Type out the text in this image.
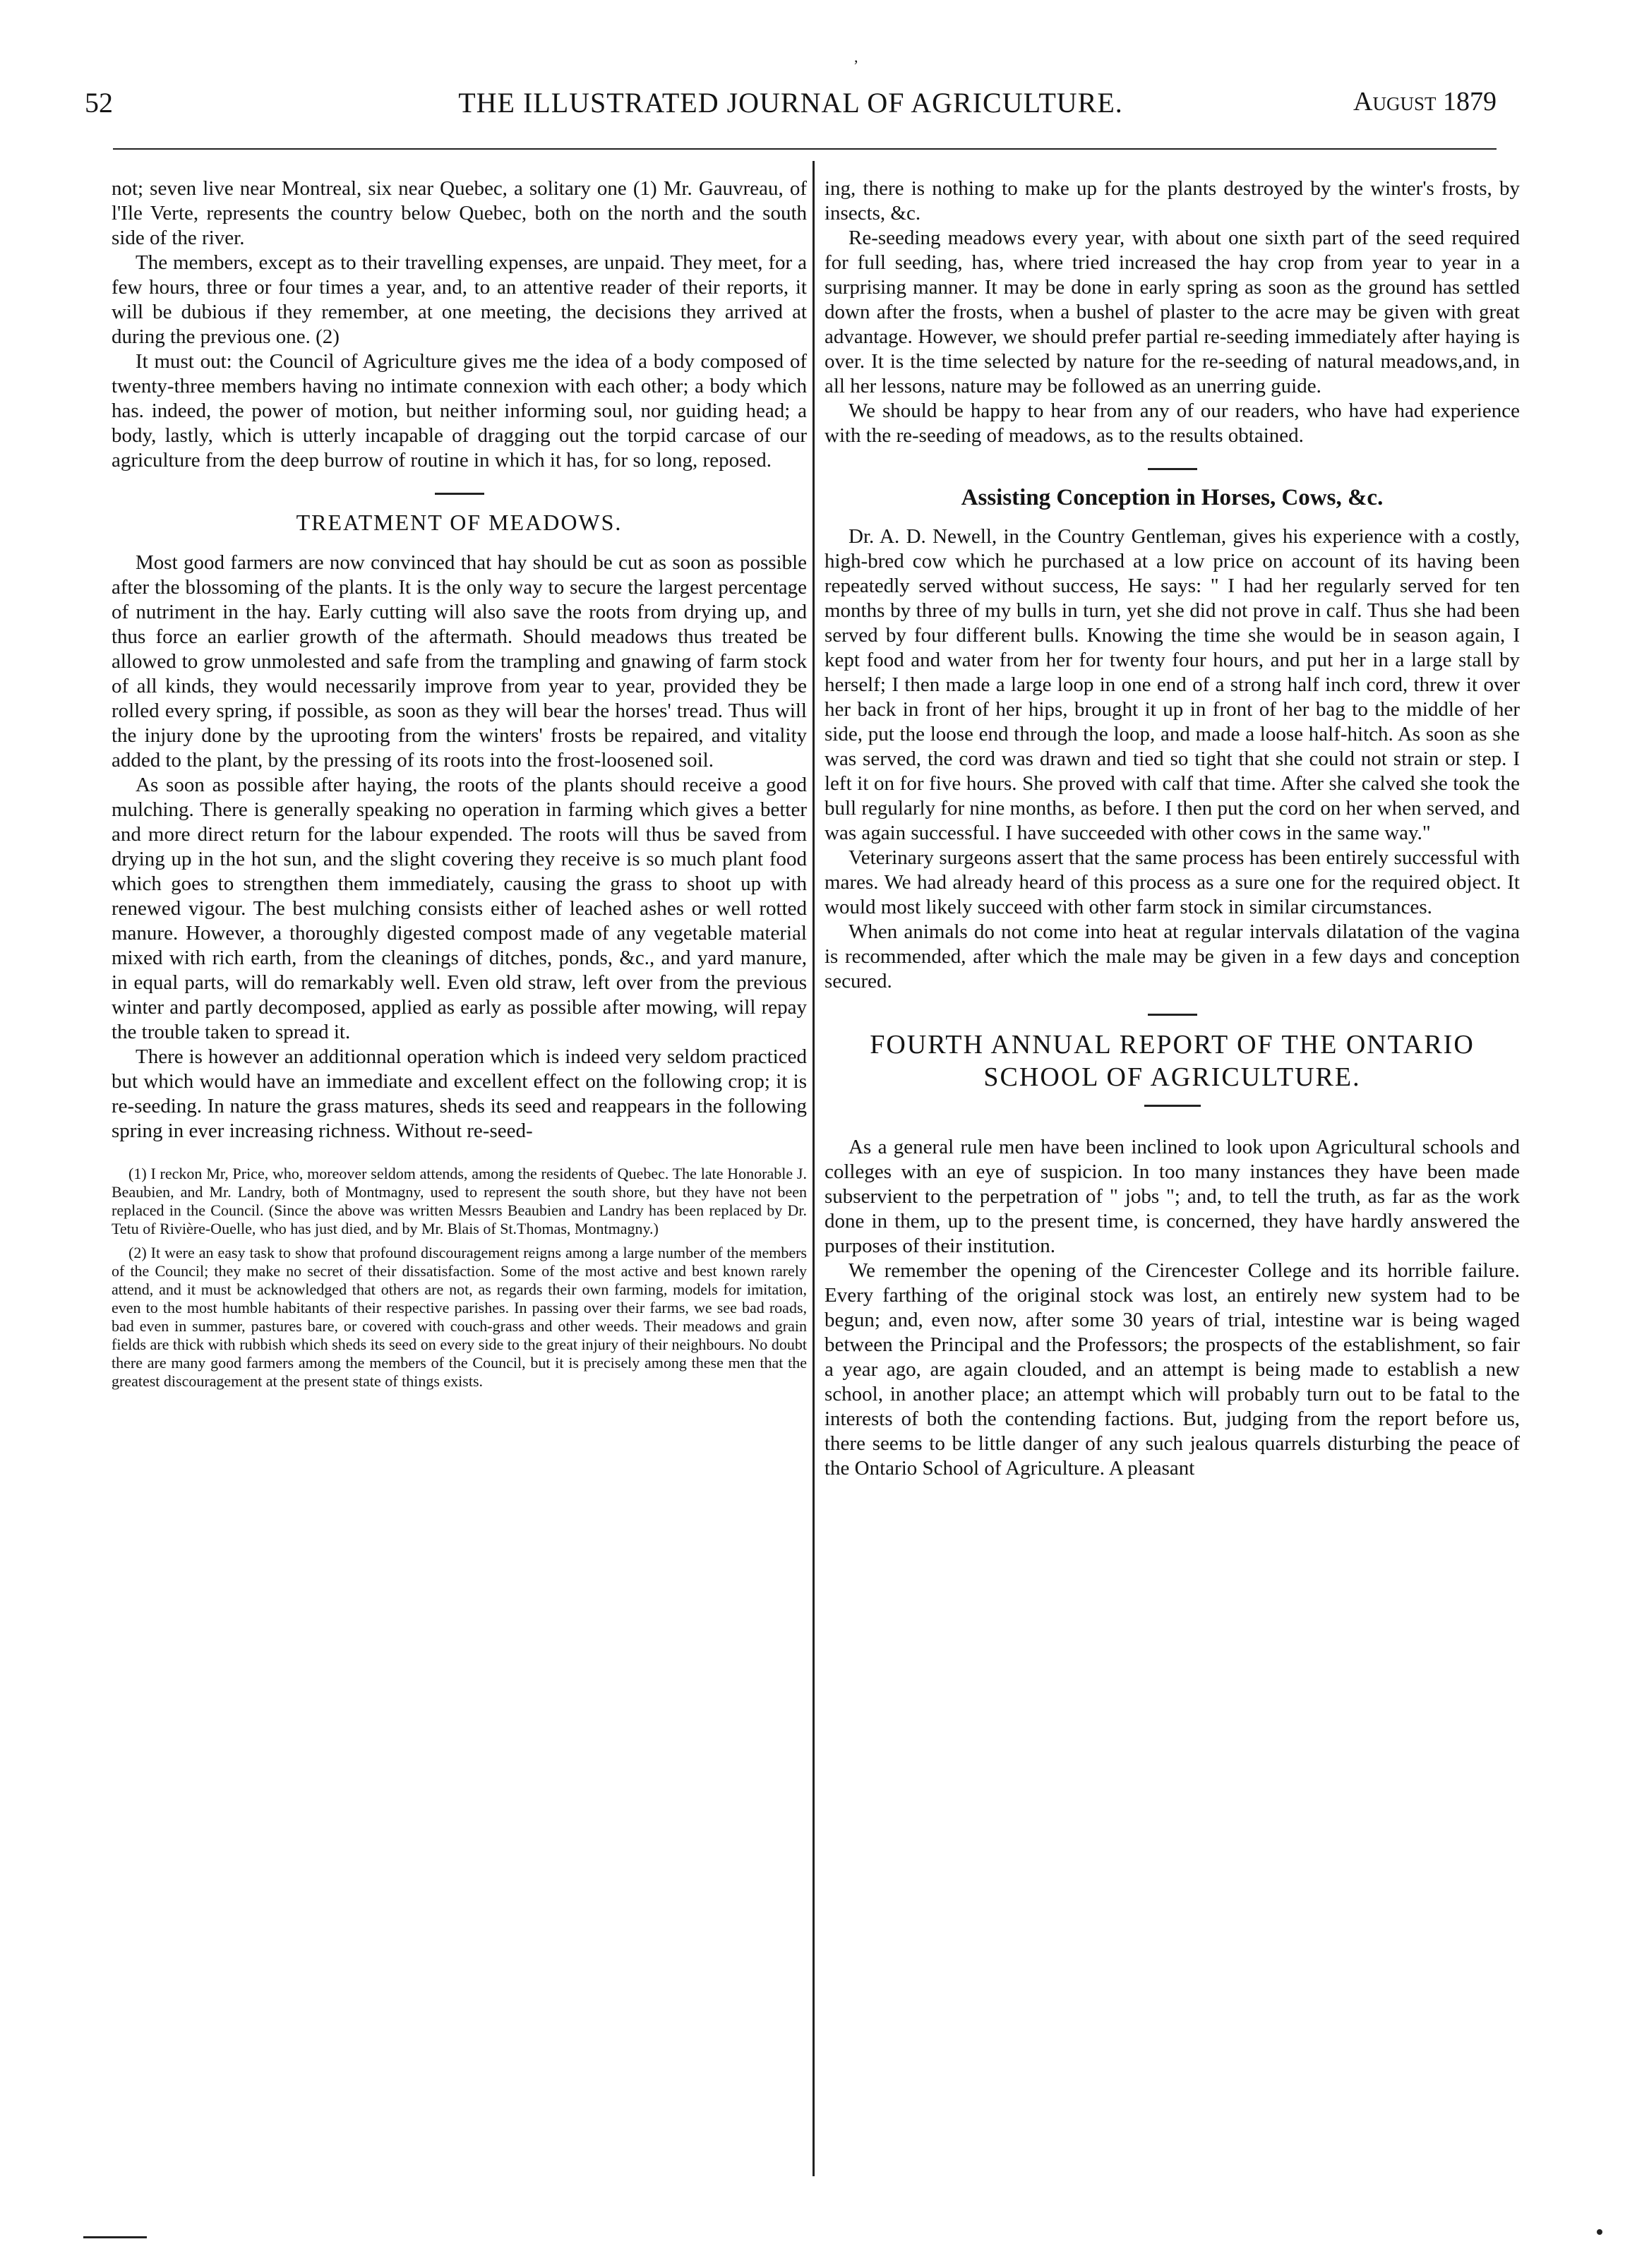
,
52	THE ILLUSTRATED JOURNAL OF AGRICULTURE.	August 1879

not; seven live near Montreal, six near Quebec, a solitary one (1) Mr. Gauvreau, of l'Ile Verte, represents the country below Quebec, both on the north and the south side of the river.

The members, except as to their travelling expenses, are unpaid. They meet, for a few hours, three or four times a year, and, to an attentive reader of their reports, it will be dubious if they remember, at one meeting, the decisions they arrived at during the previous one. (2)

It must out: the Council of Agriculture gives me the idea of a body composed of twenty-three members having no intimate connexion with each other; a body which has. indeed, the power of motion, but neither informing soul, nor guiding head; a body, lastly, which is utterly incapable of dragging out the torpid carcase of our agriculture from the deep burrow of routine in which it has, for so long, reposed.

TREATMENT OF MEADOWS.

Most good farmers are now convinced that hay should be cut as soon as possible after the blossoming of the plants. It is the only way to secure the largest percentage of nutriment in the hay. Early cutting will also save the roots from drying up, and thus force an earlier growth of the aftermath. Should meadows thus treated be allowed to grow unmolested and safe from the trampling and gnawing of farm stock of all kinds, they would necessarily improve from year to year, provided they be rolled every spring, if possible, as soon as they will bear the horses' tread. Thus will the injury done by the uprooting from the winters' frosts be repaired, and vitality added to the plant, by the pressing of its roots into the frost-loosened soil.

As soon as possible after haying, the roots of the plants should receive a good mulching. There is generally speaking no operation in farming which gives a better and more direct return for the labour expended. The roots will thus be saved from drying up in the hot sun, and the slight covering they receive is so much plant food which goes to strengthen them immediately, causing the grass to shoot up with renewed vigour. The best mulching consists either of leached ashes or well rotted manure. However, a thoroughly digested compost made of any vegetable material mixed with rich earth, from the cleanings of ditches, ponds, &c., and yard manure, in equal parts, will do remarkably well. Even old straw, left over from the previous winter and partly decomposed, applied as early as possible after mowing, will repay the trouble taken to spread it.

There is however an additionnal operation which is indeed very seldom practiced but which would have an immediate and excellent effect on the following crop; it is re-seeding. In nature the grass matures, sheds its seed and reappears in the following spring in ever increasing richness. Without re-seed-

(1) I reckon Mr, Price, who, moreover seldom attends, among the residents of Quebec. The late Honorable J. Beaubien, and Mr. Landry, both of Montmagny, used to represent the south shore, but they have not been replaced in the Council. (Since the above was written Messrs Beaubien and Landry has been replaced by Dr. Tetu of Rivière-Ouelle, who has just died, and by Mr. Blais of St.Thomas, Montmagny.)

(2) It were an easy task to show that profound discouragement reigns among a large number of the members of the Council; they make no secret of their dissatisfaction. Some of the most active and best known rarely attend, and it must be acknowledged that others are not, as regards their own farming, models for imitation, even to the most humble habitants of their respective parishes. In passing over their farms, we see bad roads, bad even in summer, pastures bare, or covered with couch-grass and other weeds. Their meadows and grain fields are thick with rubbish which sheds its seed on every side to the great injury of their neighbours. No doubt there are many good farmers among the members of the Council, but it is precisely among these men that the greatest discouragement at the present state of things exists.

ing, there is nothing to make up for the plants destroyed by the winter's frosts, by insects, &c.

Re-seeding meadows every year, with about one sixth part of the seed required for full seeding, has, where tried increased the hay crop from year to year in a surprising manner. It may be done in early spring as soon as the ground has settled down after the frosts, when a bushel of plaster to the acre may be given with great advantage. However, we should prefer partial re-seeding immediately after haying is over. It is the time selected by nature for the re-seeding of natural meadows,and, in all her lessons, nature may be followed as an unerring guide.

We should be happy to hear from any of our readers, who have had experience with the re-seeding of meadows, as to the results obtained.

Assisting Conception in Horses, Cows, &c.

Dr. A. D. Newell, in the Country Gentleman, gives his experience with a costly, high-bred cow which he purchased at a low price on account of its having been repeatedly served without success, He says: " I had her regularly served for ten months by three of my bulls in turn, yet she did not prove in calf. Thus she had been served by four different bulls. Knowing the time she would be in season again, I kept food and water from her for twenty four hours, and put her in a large stall by herself; I then made a large loop in one end of a strong half inch cord, threw it over her back in front of her hips, brought it up in front of her bag to the middle of her side, put the loose end through the loop, and made a loose half-hitch. As soon as she was served, the cord was drawn and tied so tight that she could not strain or step. I left it on for five hours. She proved with calf that time. After she calved she took the bull regularly for nine months, as before. I then put the cord on her when served, and was again successful. I have succeeded with other cows in the same way."

Veterinary surgeons assert that the same process has been entirely successful with mares. We had already heard of this process as a sure one for the required object. It would most likely succeed with other farm stock in similar circumstances.

When animals do not come into heat at regular intervals dilatation of the vagina is recommended, after which the male may be given in a few days and conception secured.

FOURTH ANNUAL REPORT OF THE ONTARIO SCHOOL OF AGRICULTURE.

As a general rule men have been inclined to look upon Agricultural schools and colleges with an eye of suspicion. In too many instances they have been made subservient to the perpetration of " jobs "; and, to tell the truth, as far as the work done in them, up to the present time, is concerned, they have hardly answered the purposes of their institution.

We remember the opening of the Cirencester College and its horrible failure. Every farthing of the original stock was lost, an entirely new system had to be begun; and, even now, after some 30 years of trial, intestine war is being waged between the Principal and the Professors; the prospects of the establishment, so fair a year ago, are again clouded, and an attempt is being made to establish a new school, in another place; an attempt which will probably turn out to be fatal to the interests of both the contending factions. But, judging from the report before us, there seems to be little danger of any such jealous quarrels disturbing the peace of the Ontario School of Agriculture. A pleasant
